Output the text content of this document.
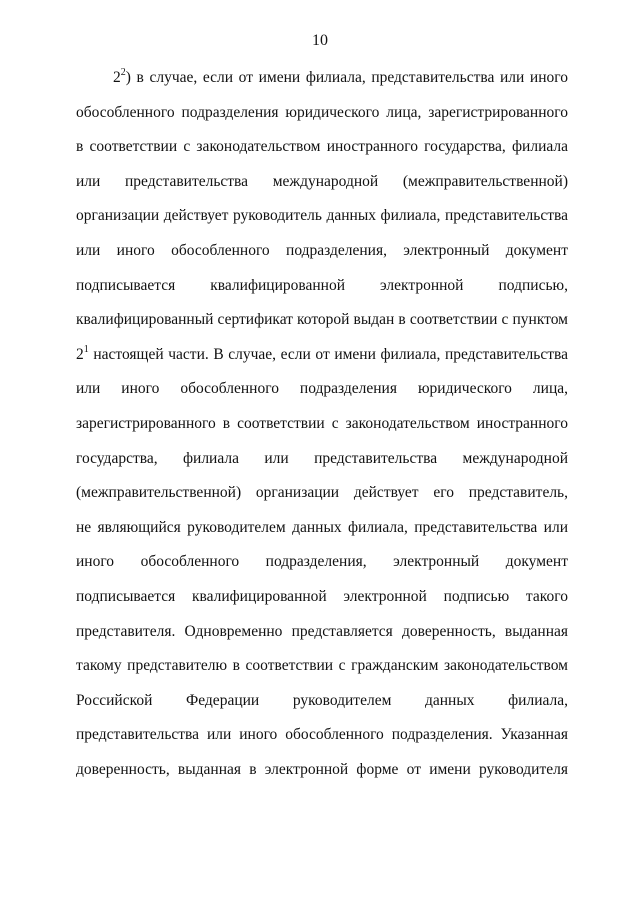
10
$2^2$) в случае, если от имени филиала, представительства или иного
обособленного подразделения юридического лица, зарегистрированного
в соответствии с законодательством иностранного государства, филиала
или представительства международной (межправительственной)
организации действует руководитель данных филиала, представительства
или иного обособленного подразделения, электронный документ
подписывается квалифицированной электронной подписью,
квалифицированный сертификат которой выдан в соответствии с пунктом
$2^1$ настоящей части. В случае, если от имени филиала, представительства
или иного обособленного подразделения юридического лица,
зарегистрированного в соответствии с законодательством иностранного
государства, филиала или представительства международной
(межправительственной) организации действует его представитель,
не являющийся руководителем данных филиала, представительства или
иного обособленного подразделения, электронный документ
подписывается квалифицированной электронной подписью такого
представителя. Одновременно представляется доверенность, выданная
такому представителю в соответствии с гражданским законодательством
Российской Федерации руководителем данных филиала,
представительства или иного обособленного подразделения. Указанная
доверенность, выданная в электронной форме от имени руководителя
